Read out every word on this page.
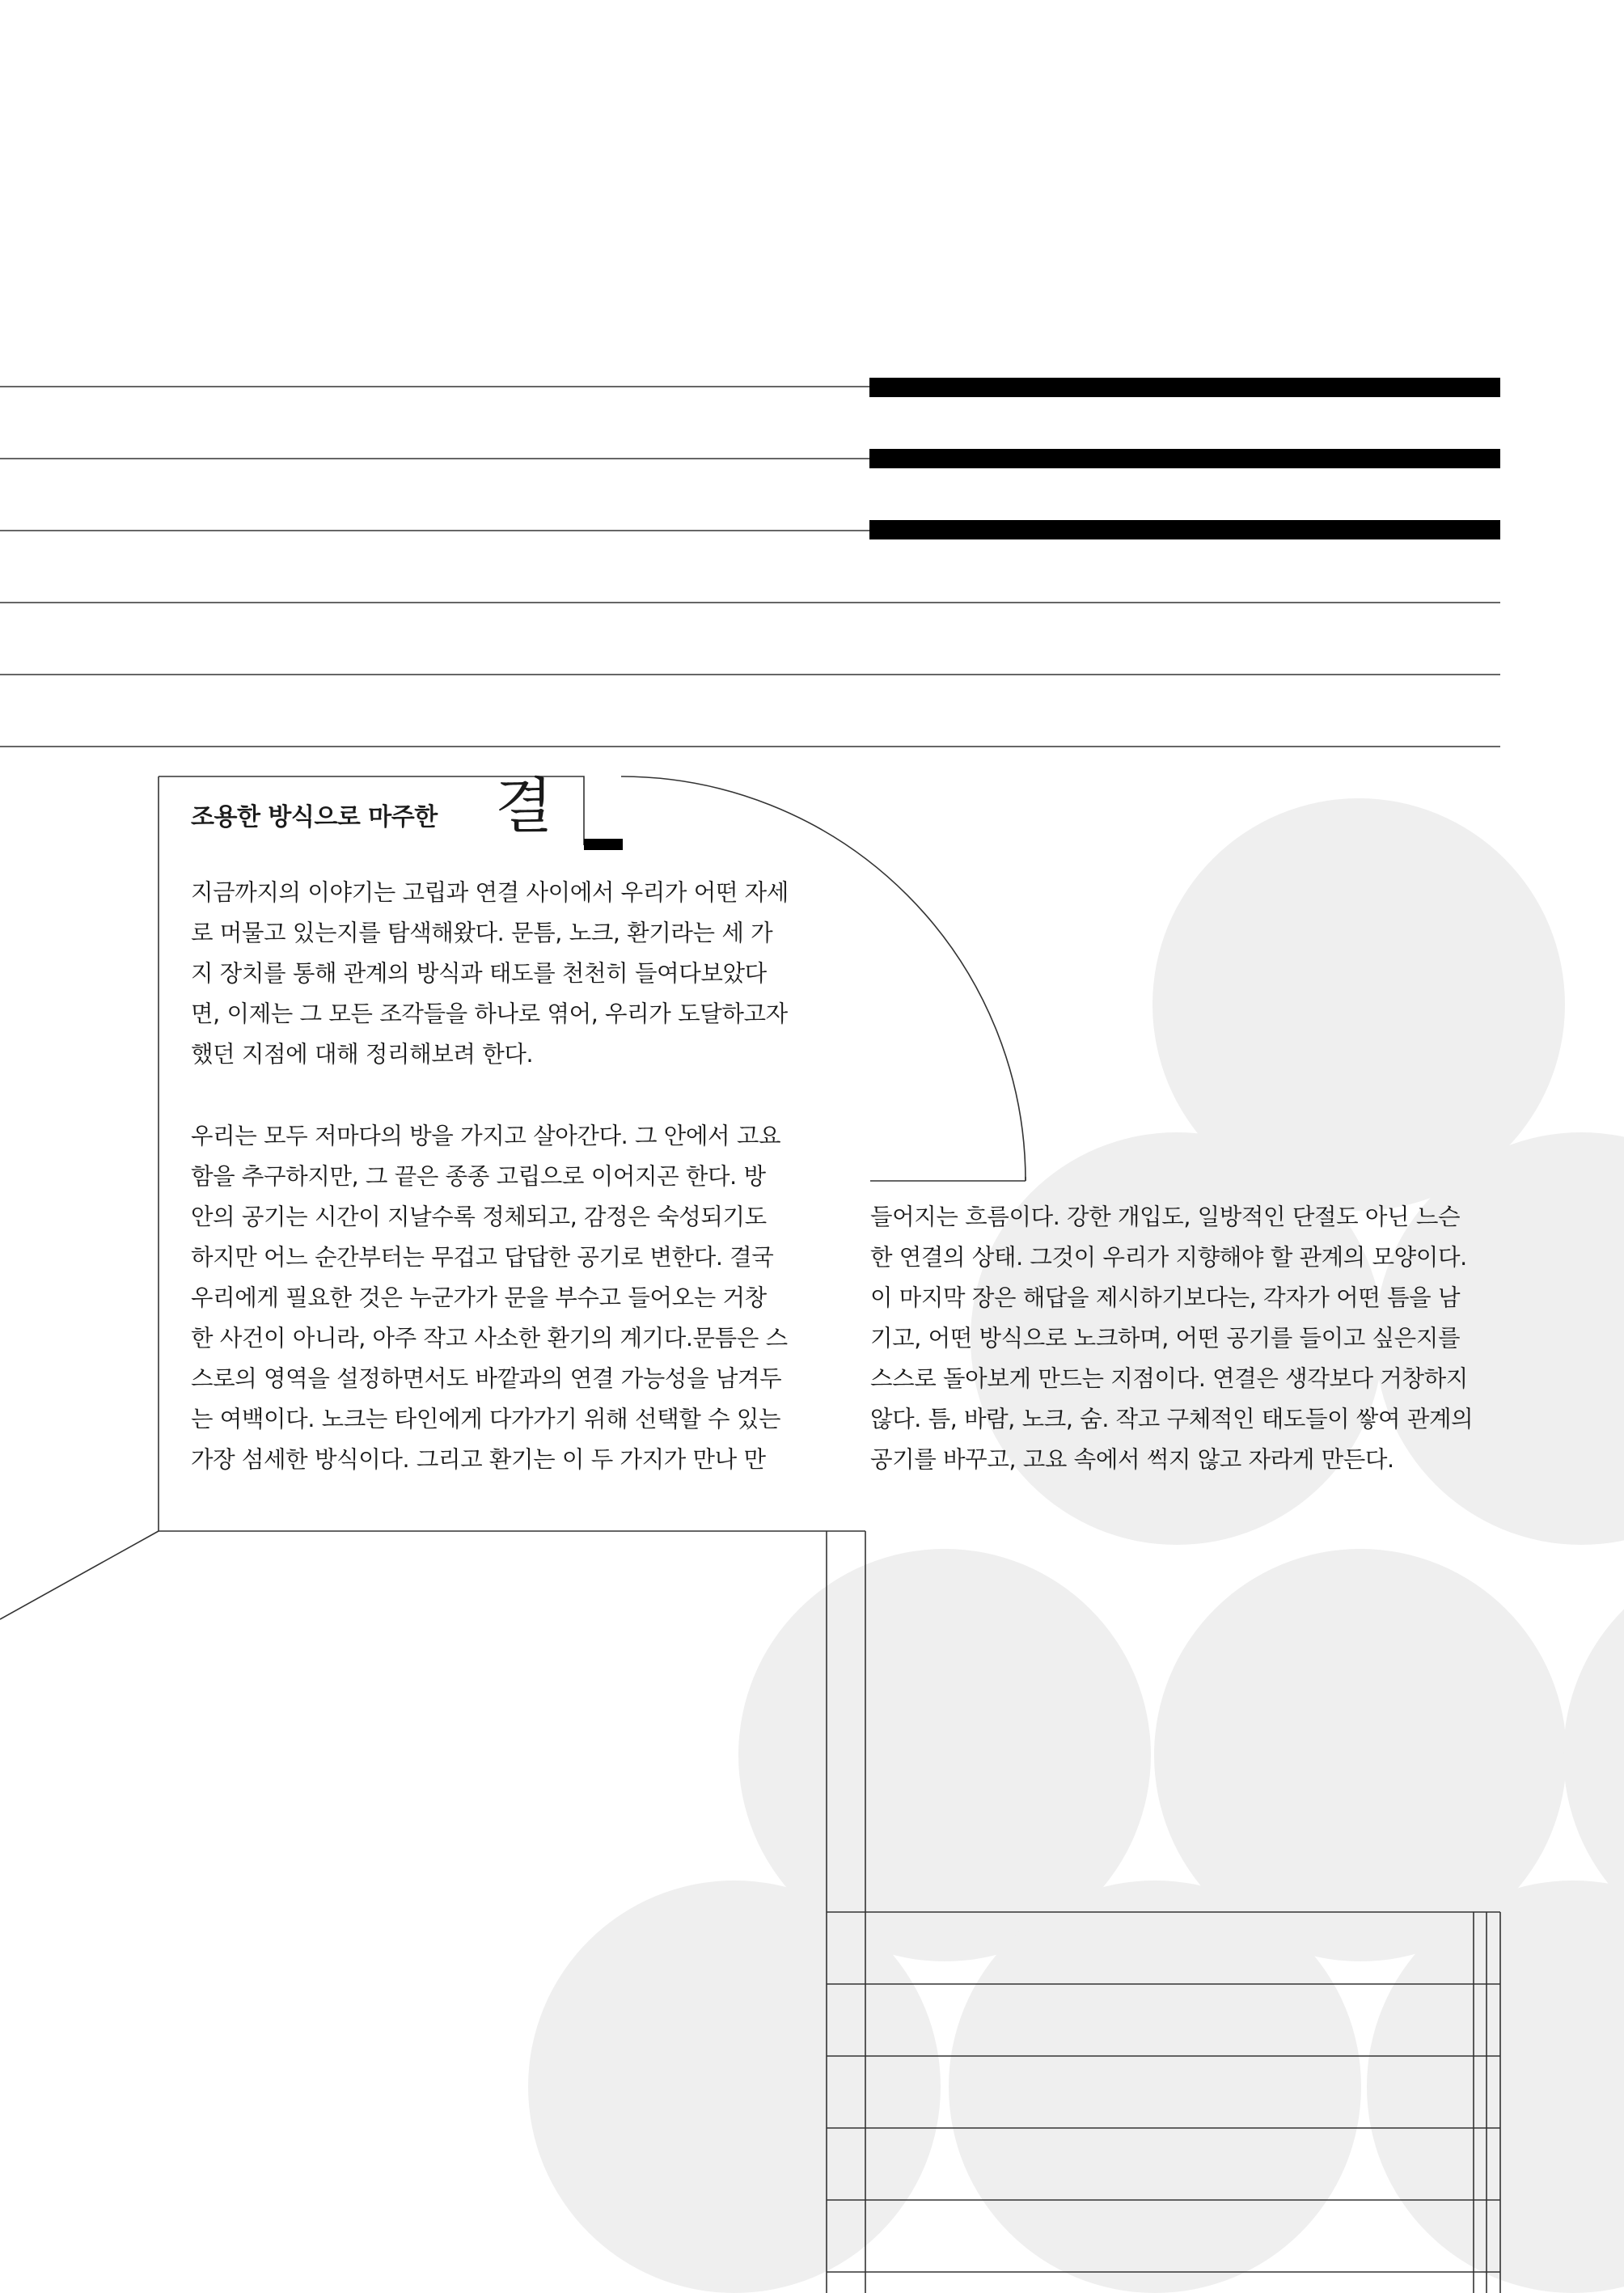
조용한 방식으로 마주한 결
지금까지의 이야기는 고립과 연결 사이에서 우리가 어떤 자세
로 머물고 있는지를 탐색해왔다. 문틈, 노크, 환기라는 세 가
지 장치를 통해 관계의 방식과 태도를 천천히 들여다보았다
면, 이제는 그 모든 조각들을 하나로 엮어, 우리가 도달하고자
했던 지점에 대해 정리해보려 한다.
우리는 모두 저마다의 방을 가지고 살아간다. 그 안에서 고요
함을 추구하지만, 그 끝은 종종 고립으로 이어지곤 한다. 방
안의 공기는 시간이 지날수록 정체되고, 감정은 숙성되기도
하지만 어느 순간부터는 무겁고 답답한 공기로 변한다. 결국
우리에게 필요한 것은 누군가가 문을 부수고 들어오는 거창
한 사건이 아니라, 아주 작고 사소한 환기의 계기다.문틈은 스
스로의 영역을 설정하면서도 바깥과의 연결 가능성을 남겨두
는 여백이다. 노크는 타인에게 다가가기 위해 선택할 수 있는
가장 섬세한 방식이다. 그리고 환기는 이 두 가지가 만나 만
들어지는 흐름이다. 강한 개입도, 일방적인 단절도 아닌 느슨
한 연결의 상태. 그것이 우리가 지향해야 할 관계의 모양이다.
이 마지막 장은 해답을 제시하기보다는, 각자가 어떤 틈을 남
기고, 어떤 방식으로 노크하며, 어떤 공기를 들이고 싶은지를
스스로 돌아보게 만드는 지점이다. 연결은 생각보다 거창하지
않다. 틈, 바람, 노크, 숨. 작고 구체적인 태도들이 쌓여 관계의
공기를 바꾸고, 고요 속에서 썩지 않고 자라게 만든다.
